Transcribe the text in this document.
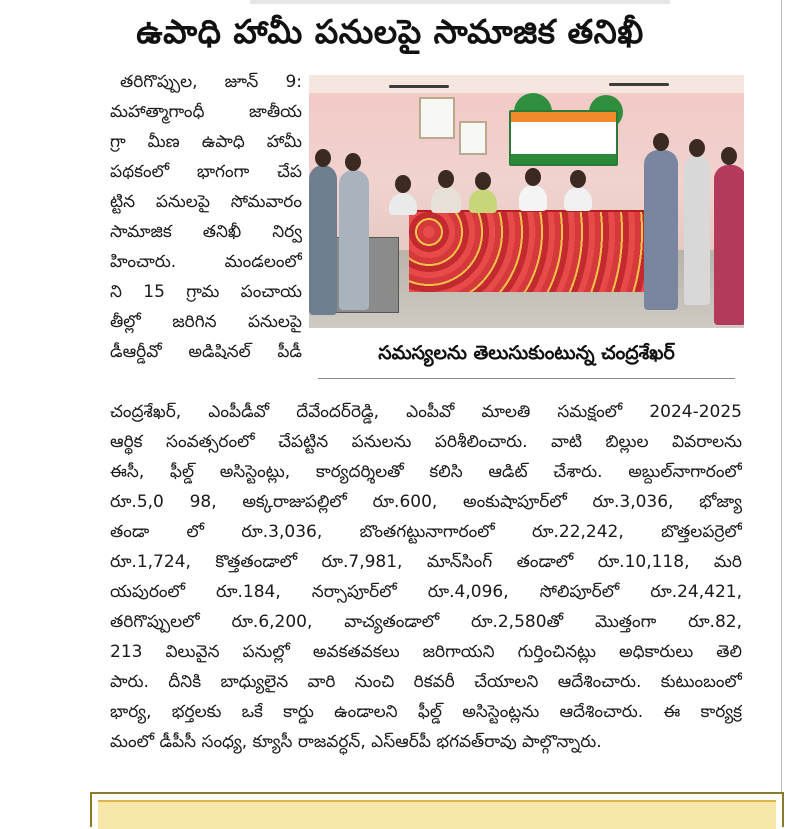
ఉపాధి హామీ పనులపై సామాజిక తనిఖీ
తరిగొప్పుల, జూన్ 9:
మహాత్మాగాంధీ జాతీయ
గ్రా మీణ ఉపాధి హామీ
పథకంలో భాగంగా చేప
ట్టిన పనులపై సోమవారం
సామాజిక తనిఖీ నిర్వ
హించారు. మండలంలో
ని 15 గ్రామ పంచాయ
తీల్లో జరిగిన పనులపై
డీఆర్డీవో అడిషినల్ పీడీ	సమస్యలను తెలుసుకుంటున్న చంద్రశేఖర్
చంద్రశేఖర్, ఎంపీడీవో దేవేందర్‌రెడ్డి, ఎంపీవో మాలతి సమక్షంలో 2024-2025
ఆర్థిక సంవత్సరంలో చేపట్టిన పనులను పరిశీలించారు. వాటి బిల్లుల వివరాలను
ఈసీ, ఫీల్డ్ అసిస్టెంట్లు, కార్యదర్శిలతో కలిసి ఆడిట్ చేశారు. అబ్దుల్‌నాగారంలో
రూ.5,0 98, అక్కరాజుపల్లిలో రూ.600, అంకుషాపూర్‌లో రూ.3,036, భోజ్యా
తండా లో రూ.3,036, బొంతగట్టునాగారంలో రూ.22,242, బొత్తలపర్రెలో
రూ.1,724, కొత్తతండాలో రూ.7,981, మాన్‌సింగ్ తండాలో రూ.10,118, మరి
యపురంలో రూ.184, నర్సాపూర్‌లో రూ.4,096, సోలిపూర్‌లో రూ.24,421,
తరిగొప్పులలో రూ.6,200, వాచ్యతండాలో రూ.2,580తో మొత్తంగా రూ.82,
213 విలువైన పనుల్లో అవకతవకలు జరిగాయని గుర్తించినట్లు అధికారులు తెలి
పారు. దీనికి బాధ్యులైన వారి నుంచి రికవరీ చేయాలని ఆదేశించారు. కుటుంబంలో
భార్య, భర్తలకు ఒకే కార్డు ఉండాలని ఫీల్డ్ అసిస్టెంట్లను ఆదేశించారు. ఈ కార్యక్ర
మంలో డీపీసీ సంధ్య, క్యూసీ రాజవర్ధన్, ఎస్ఆర్‌పీ భగవత్‌రావు పాల్గొన్నారు.
